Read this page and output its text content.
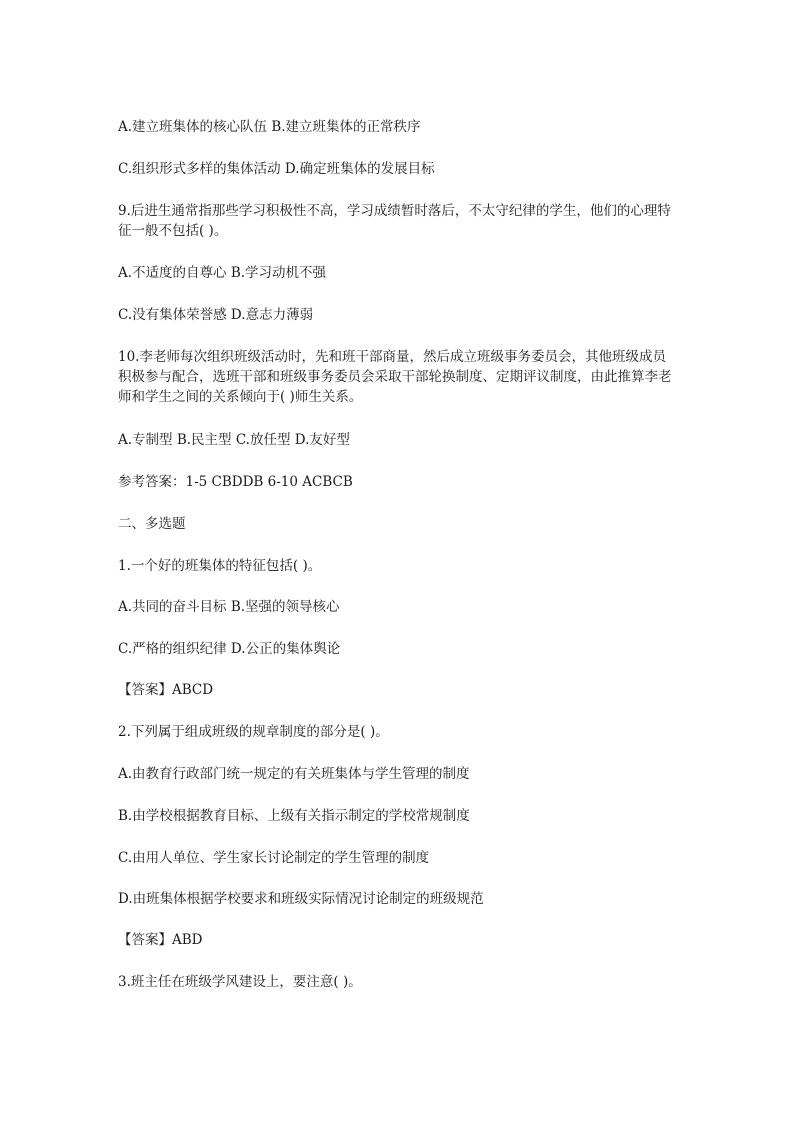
A.建立班集体的核心队伍 B.建立班集体的正常秩序
C.组织形式多样的集体活动 D.确定班集体的发展目标
9.后进生通常指那些学习积极性不高，学习成绩暂时落后，不太守纪律的学生，他们的心理特征一般不包括( )。
A.不适度的自尊心 B.学习动机不强
C.没有集体荣誉感 D.意志力薄弱
10.李老师每次组织班级活动时，先和班干部商量，然后成立班级事务委员会，其他班级成员积极参与配合，选班干部和班级事务委员会采取干部轮换制度、定期评议制度，由此推算李老师和学生之间的关系倾向于( )师生关系。
A.专制型 B.民主型 C.放任型 D.友好型
参考答案：1-5 CBDDB 6-10 ACBCB
二、多选题
1.一个好的班集体的特征包括( )。
A.共同的奋斗目标 B.坚强的领导核心
C.严格的组织纪律 D.公正的集体舆论
【答案】ABCD
2.下列属于组成班级的规章制度的部分是( )。
A.由教育行政部门统一规定的有关班集体与学生管理的制度
B.由学校根据教育目标、上级有关指示制定的学校常规制度
C.由用人单位、学生家长讨论制定的学生管理的制度
D.由班集体根据学校要求和班级实际情况讨论制定的班级规范
【答案】ABD
3.班主任在班级学风建设上，要注意( )。
